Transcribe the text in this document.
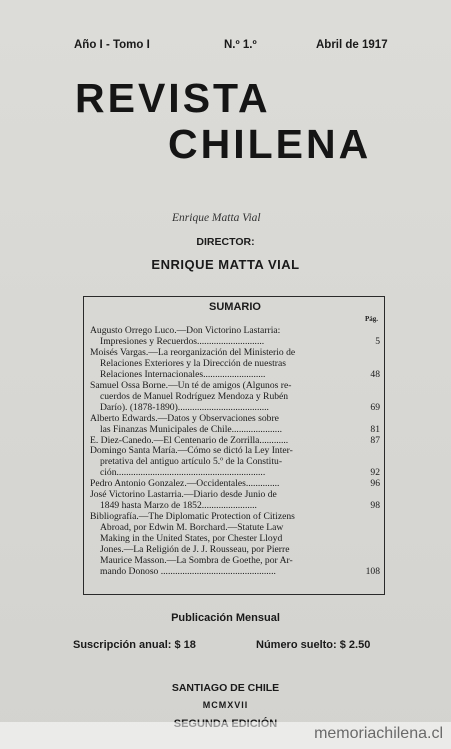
Año I - Tomo I	N.º 1.º	Abril de 1917
REVISTA
CHILENA
Enrique Matta Vial
DIRECTOR:
ENRIQUE MATTA VIAL
SUMARIO
Pág.
Augusto Orrego Luco.—Don Victorino Lastarria:
Impresiones y Recuerdos............................	5
Moisés Vargas.—La reorganización del Ministerio de
Relaciones Exteriores y la Dirección de nuestras
Relaciones Internacionales..........................	48
Samuel Ossa Borne.—Un té de amigos (Algunos re-
cuerdos de Manuel Rodríguez Mendoza y Rubén
Darío). (1878-1890)......................................	69
Alberto Edwards.—Datos y Observaciones sobre
las Finanzas Municipales de Chile.....................	81
E. Diez-Canedo.—El Centenario de Zorrilla............	87
Domingo Santa María.—Cómo se dictó la Ley Inter-
pretativa del antiguo artículo 5.º de la Constitu-
ción..............................................................	92
Pedro Antonio Gonzalez.—Occidentales..............	96
José Victorino Lastarria.—Diario desde Junio de
1849 hasta Marzo de 1852.......................	98
Bibliografía.—The Diplomatic Protection of Citizens
Abroad, por Edwin M. Borchard.—Statute Law
Making in the United States, por Chester Lloyd
Jones.—La Religión de J. J. Rousseau, por Pierre
Maurice Masson.—La Sombra de Goethe, por Ar-
mando Donoso ................................................	108
Publicación Mensual
Suscripción anual: $ 18	Número suelto: $ 2.50
SANTIAGO DE CHILE
MCMXVII
memoriachilena.cl
